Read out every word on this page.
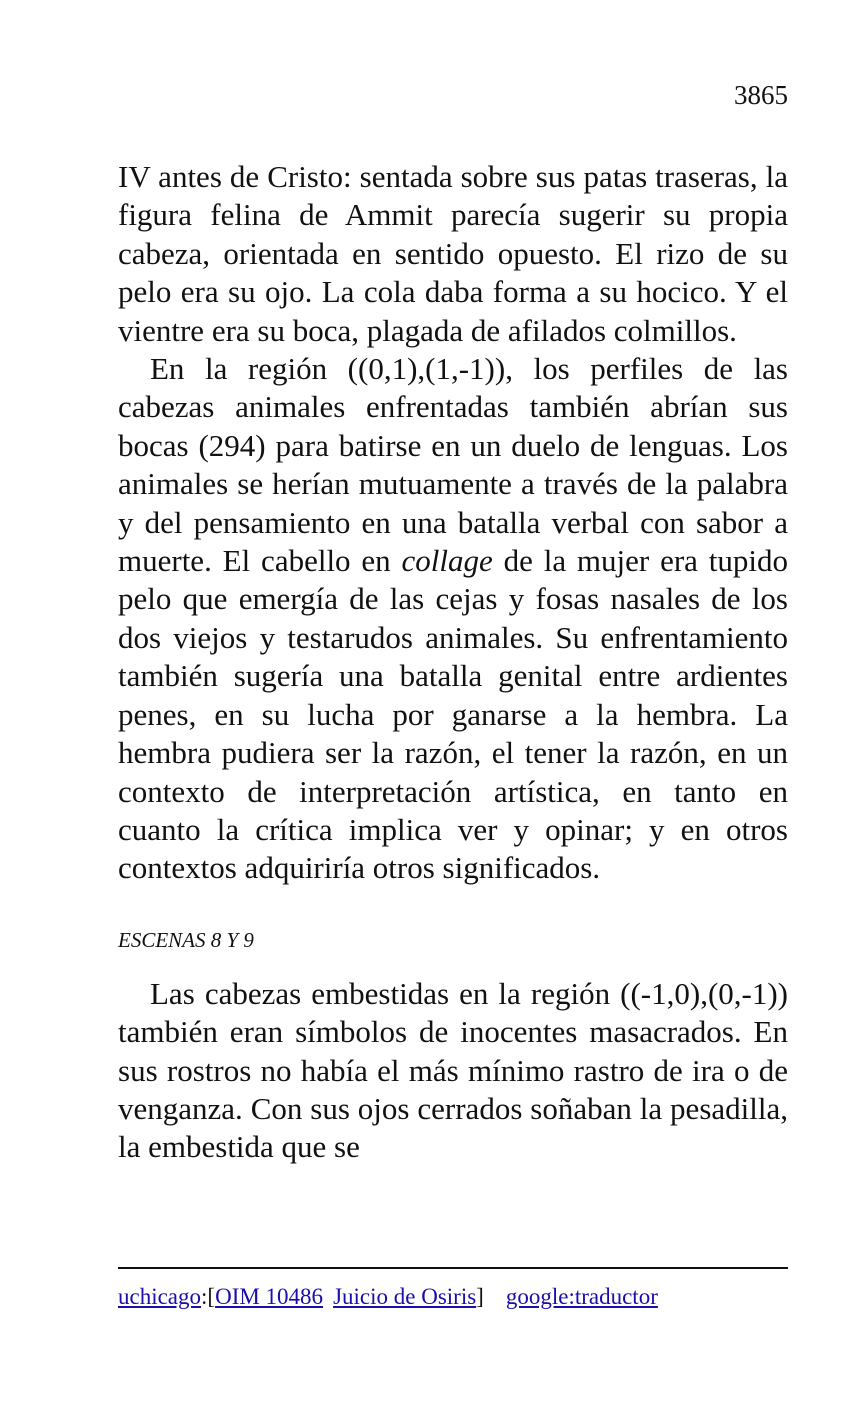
3865

IV antes de Cristo: sentada sobre sus patas traseras, la figura felina de Ammit parecía sugerir su propia cabeza, orientada en sentido opuesto. El rizo de su pelo era su ojo. La cola daba forma a su hocico. Y el vientre era su boca, plagada de afilados colmillos.

En la región ((0,1),(1,-1)), los perfiles de las cabezas animales enfrentadas también abrían sus bocas (294) para batirse en un duelo de lenguas. Los animales se herían mutuamente a través de la palabra y del pensamiento en una batalla verbal con sabor a muerte. El cabello en collage de la mujer era tupido pelo que emergía de las cejas y fosas nasales de los dos viejos y testarudos animales. Su enfrentamiento también sugería una batalla genital entre ardientes penes, en su lucha por ganarse a la hembra. La hembra pudiera ser la razón, el tener la razón, en un contexto de interpretación artística, en tanto en cuanto la crítica implica ver y opinar; y en otros contextos adquiriría otros significados.

ESCENAS 8 Y 9

Las cabezas embestidas en la región ((-1,0),(0,-1)) también eran símbolos de inocentes masacrados. En sus rostros no había el más mínimo rastro de ira o de venganza. Con sus ojos cerrados soñaban la pesadilla, la embestida que se

uchicago:[OIM 10486 Juicio de Osiris] google:traductor
